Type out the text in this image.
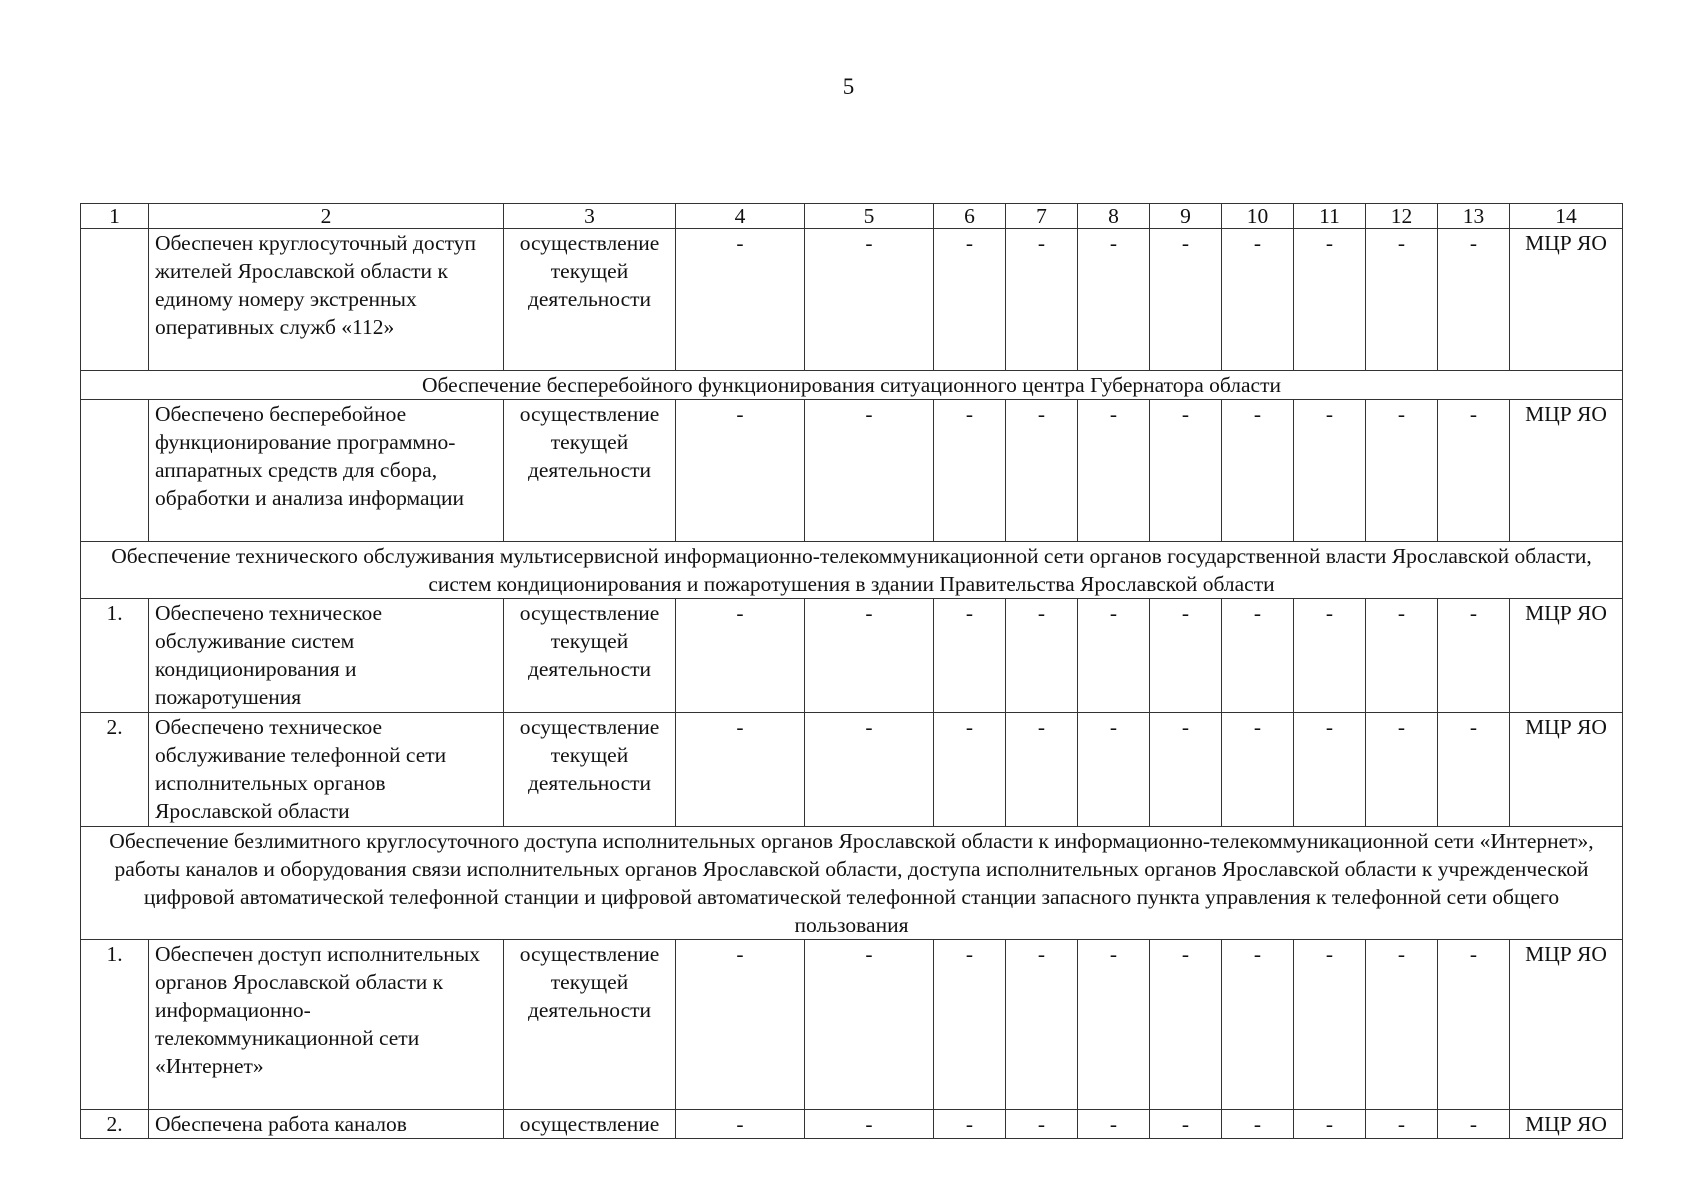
5
1	2	3	4	5	6	7	8	9	10	11	12	13	14
	Обеспечен круглосуточный доступ жителей Ярославской области к единому номеру экстренных оперативных служб «112»	осуществление текущей деятельности	-	-	-	-	-	-	-	-	-	-	МЦР ЯО
Обеспечение бесперебойного функционирования ситуационного центра Губернатора области													
	Обеспечено бесперебойное функционирование программно-аппаратных средств для сбора, обработки и анализа информации	осуществление текущей деятельности	-	-	-	-	-	-	-	-	-	-	МЦР ЯО
Обеспечение технического обслуживания мультисервисной информационно-телекоммуникационной сети органов государственной власти Ярославской области, систем кондиционирования и пожаротушения в здании Правительства Ярославской области													
1.	Обеспечено техническое обслуживание систем кондиционирования и пожаротушения	осуществление текущей деятельности	-	-	-	-	-	-	-	-	-	-	МЦР ЯО
2.	Обеспечено техническое обслуживание телефонной сети исполнительных органов Ярославской области	осуществление текущей деятельности	-	-	-	-	-	-	-	-	-	-	МЦР ЯО
Обеспечение безлимитного круглосуточного доступа исполнительных органов Ярославской области к информационно-телекоммуникационной сети «Интернет», работы каналов и оборудования связи исполнительных органов Ярославской области, доступа исполнительных органов Ярославской области к учрежденческой цифровой автоматической телефонной станции и цифровой автоматической телефонной станции запасного пункта управления к телефонной сети общего пользования													
1.	Обеспечен доступ исполнительных органов Ярославской области к информационно-телекоммуникационной сети «Интернет»	осуществление текущей деятельности	-	-	-	-	-	-	-	-	-	-	МЦР ЯО
2.	Обеспечена работа каналов	осуществление	-	-	-	-	-	-	-	-	-	-	МЦР ЯО
